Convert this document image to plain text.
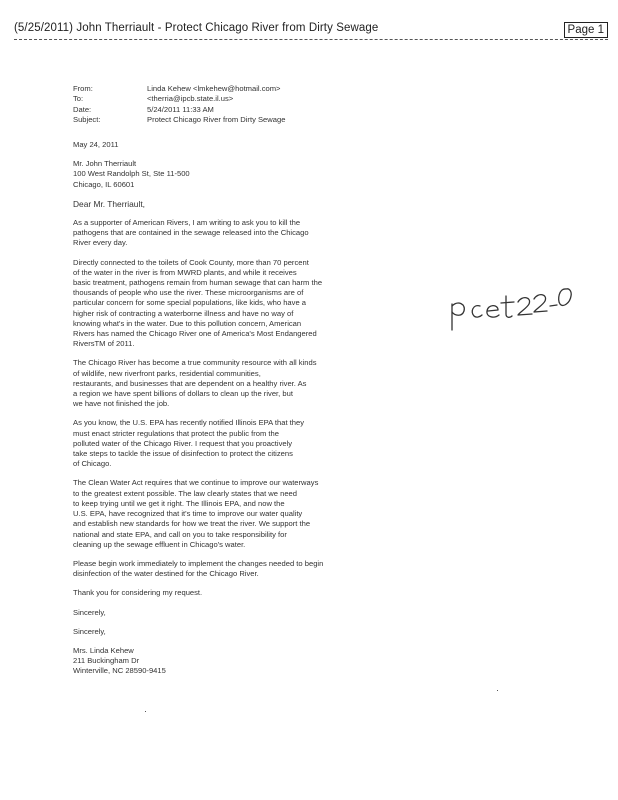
(5/25/2011) John Therriault - Protect Chicago River from Dirty Sewage	Page 1
From:	Linda Kehew <lmkehew@hotmail.com>
To:	<therria@ipcb.state.il.us>
Date:	5/24/2011 11:33 AM
Subject:	Protect Chicago River from Dirty Sewage

May 24, 2011

Mr. John Therriault
100 West Randolph St, Ste 11-500
Chicago, IL 60601

Dear Mr. Therriault,

As a supporter of American Rivers, I am writing to ask you to kill the
pathogens that are contained in the sewage released into the Chicago
River every day.

Directly connected to the toilets of Cook County, more than 70 percent
of the water in the river is from MWRD plants, and while it receives
basic treatment, pathogens remain from human sewage that can harm the
thousands of people who use the river. These microorganisms are of
particular concern for some special populations, like kids, who have a
higher risk of contracting a waterborne illness and have no way of
knowing what's in the water. Due to this pollution concern, American
Rivers has named the Chicago River one of America's Most Endangered
RiversTM of 2011.

The Chicago River has become a true community resource with all kinds
of wildlife, new riverfront parks, residential communities,
restaurants, and businesses that are dependent on a healthy river. As
a region we have spent billions of dollars to clean up the river, but
we have not finished the job.

As you know, the U.S. EPA has recently notified Illinois EPA that they
must enact stricter regulations that protect the public from the
polluted water of the Chicago River. I request that you proactively
take steps to tackle the issue of disinfection to protect the citizens
of Chicago.

The Clean Water Act requires that we continue to improve our waterways
to the greatest extent possible. The law clearly states that we need
to keep trying until we get it right. The Illinois EPA, and now the
U.S. EPA, have recognized that it's time to improve our water quality
and establish new standards for how we treat the river. We support the
national and state EPA, and call on you to take responsibility for
cleaning up the sewage effluent in Chicago's water.

Please begin work immediately to implement the changes needed to begin
disinfection of the water destined for the Chicago River.

Thank you for considering my request.

Sincerely,

Sincerely,

Mrs. Linda Kehew
211 Buckingham Dr
Winterville, NC 28590-9415
